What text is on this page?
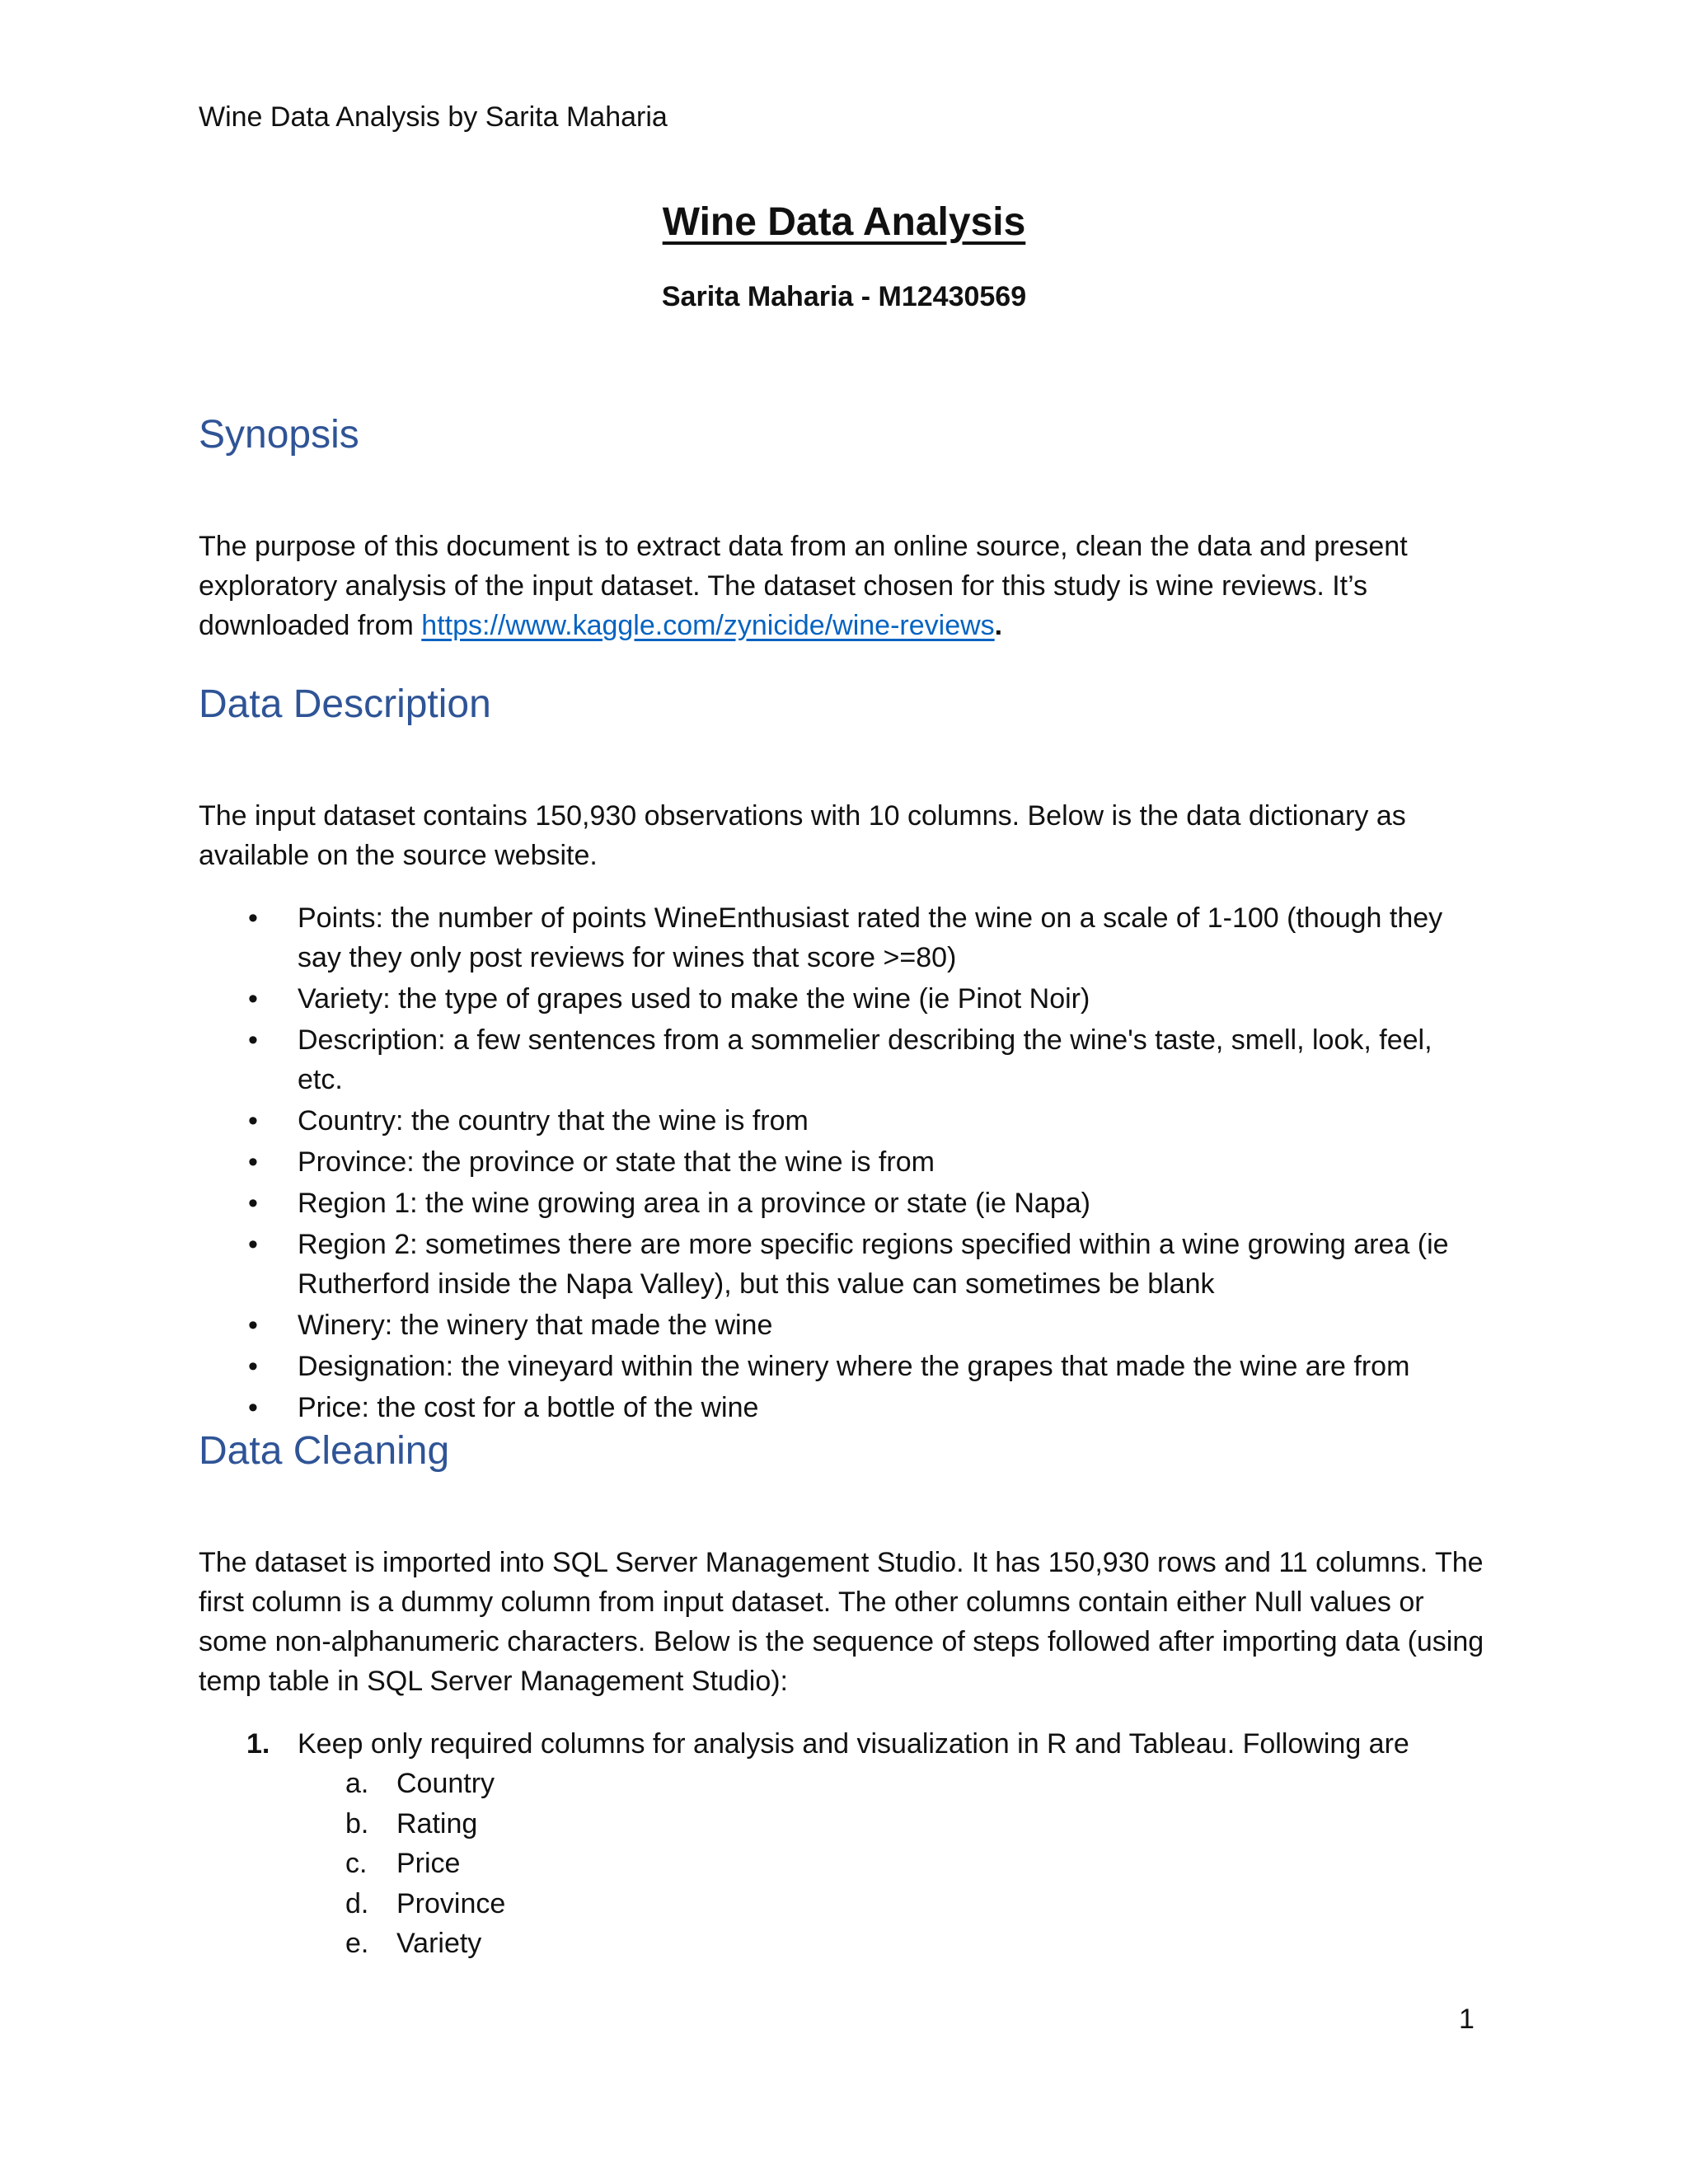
Wine Data Analysis by Sarita Maharia
Wine Data Analysis
Sarita Maharia - M12430569
Synopsis

The purpose of this document is to extract data from an online source, clean the data and present exploratory analysis of the input dataset. The dataset chosen for this study is wine reviews. It’s downloaded from https://www.kaggle.com/zynicide/wine-reviews.

Data Description

The input dataset contains 150,930 observations with 10 columns. Below is the data dictionary as available on the source website.

•	Points: the number of points WineEnthusiast rated the wine on a scale of 1-100 (though they say they only post reviews for wines that score >=80)
•	Variety: the type of grapes used to make the wine (ie Pinot Noir)
•	Description: a few sentences from a sommelier describing the wine's taste, smell, look, feel, etc.
•	Country: the country that the wine is from
•	Province: the province or state that the wine is from
•	Region 1: the wine growing area in a province or state (ie Napa)
•	Region 2: sometimes there are more specific regions specified within a wine growing area (ie Rutherford inside the Napa Valley), but this value can sometimes be blank
•	Winery: the winery that made the wine
•	Designation: the vineyard within the winery where the grapes that made the wine are from
•	Price: the cost for a bottle of the wine
Data Cleaning

The dataset is imported into SQL Server Management Studio. It has 150,930 rows and 11 columns. The first column is a dummy column from input dataset. The other columns contain either Null values or some non-alphanumeric characters. Below is the sequence of steps followed after importing data (using temp table in SQL Server Management Studio):

1. Keep only required columns for analysis and visualization in R and Tableau. Following are
a. Country
b. Rating
c. Price
d. Province
e. Variety
1
